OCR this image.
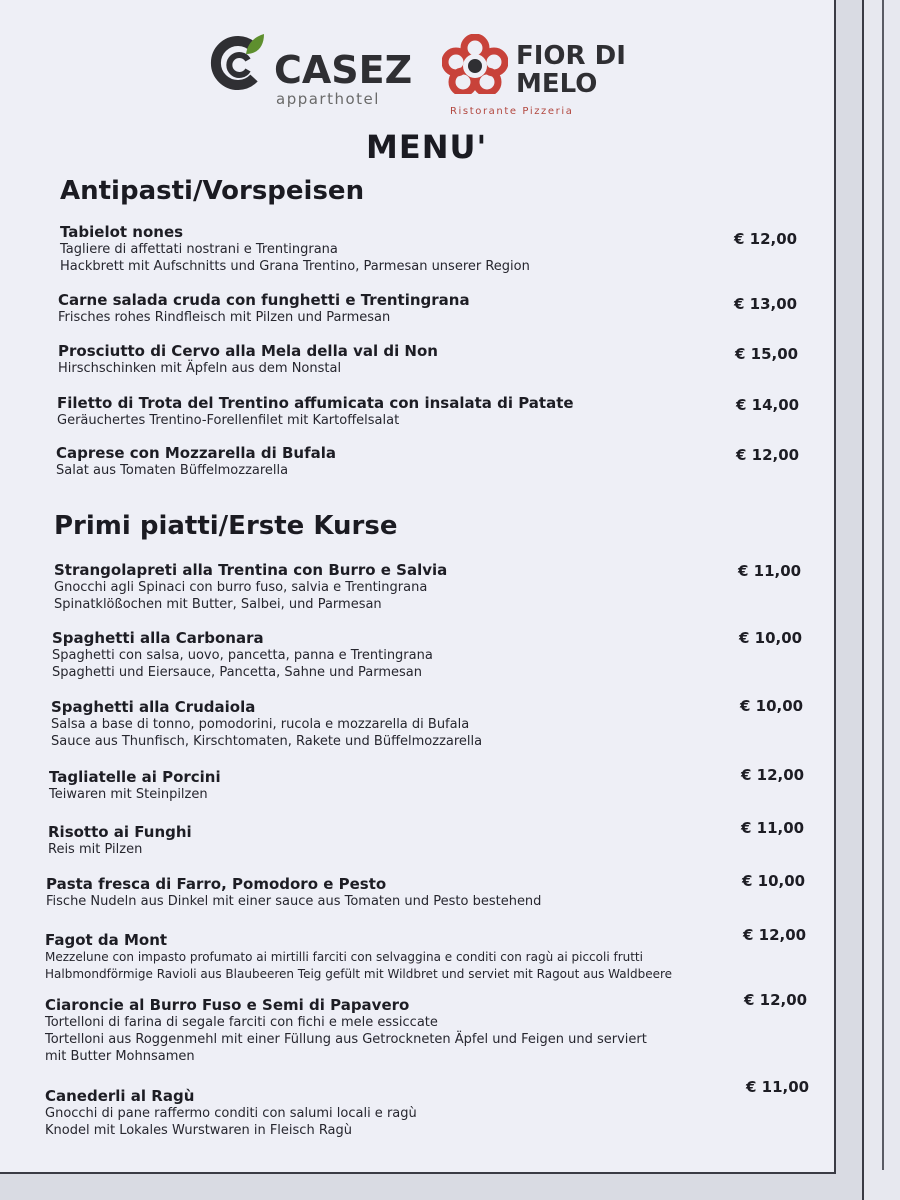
CASEZ
apparthotel
FIOR DI
MELO
Ristorante Pizzeria
MENU'
Antipasti/Vorspeisen
Tabielot nones
Tagliere di affettati nostrani e Trentingrana
Hackbrett mit Aufschnitts und Grana Trentino, Parmesan unserer Region
€ 12,00
Carne salada cruda con funghetti e Trentingrana
Frisches rohes Rindfleisch mit Pilzen und Parmesan
€ 13,00
Prosciutto di Cervo alla Mela della val di Non
Hirschschinken mit Äpfeln aus dem Nonstal
€ 15,00
Filetto di Trota del Trentino affumicata con insalata di Patate
Geräuchertes Trentino-Forellenfilet mit Kartoffelsalat
€ 14,00
Caprese con Mozzarella di Bufala
Salat aus Tomaten Büffelmozzarella
€ 12,00
Primi piatti/Erste Kurse
Strangolapreti alla Trentina con Burro e Salvia
Gnocchi agli Spinaci con burro fuso, salvia e Trentingrana
Spinatklößochen mit Butter, Salbei, und Parmesan
€ 11,00
Spaghetti alla Carbonara
Spaghetti con salsa, uovo, pancetta, panna e Trentingrana
Spaghetti und Eiersauce, Pancetta, Sahne und Parmesan
€ 10,00
Spaghetti alla Crudaiola
Salsa a base di tonno, pomodorini, rucola e mozzarella di Bufala
Sauce aus Thunfisch, Kirschtomaten, Rakete und Büffelmozzarella
€ 10,00
Tagliatelle ai Porcini
Teiwaren mit Steinpilzen
€ 12,00
Risotto ai Funghi
Reis mit Pilzen
€ 11,00
Pasta fresca di Farro, Pomodoro e Pesto
Fische Nudeln aus Dinkel mit einer sauce aus Tomaten und Pesto bestehend
€ 10,00
Fagot da Mont
Mezzelune con impasto profumato ai mirtilli farciti con selvaggina e conditi con ragù ai piccoli frutti
Halbmondförmige Ravioli aus Blaubeeren Teig gefült mit Wildbret und serviet mit Ragout aus Waldbeere
€ 12,00
Ciaroncie al Burro Fuso e Semi di Papavero
Tortelloni di farina di segale farciti con fichi e mele essiccate
Tortelloni aus Roggenmehl mit einer Füllung aus Getrockneten Äpfel und Feigen und serviert
mit Butter Mohnsamen
€ 12,00
Canederli al Ragù
Gnocchi di pane raffermo conditi con salumi locali e ragù
Knodel mit Lokales Wurstwaren in Fleisch Ragù
€ 11,00
